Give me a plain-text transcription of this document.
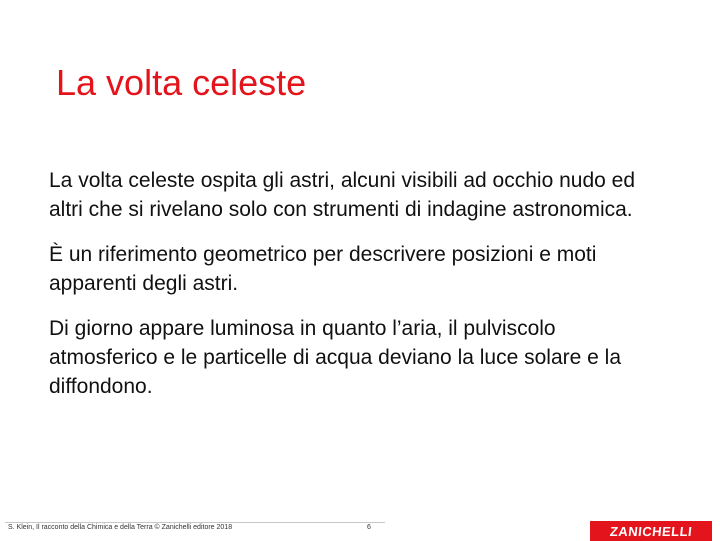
La volta celeste

La volta celeste ospita gli astri, alcuni visibili ad occhio nudo ed altri che si rivelano solo con strumenti di indagine astronomica.

È un riferimento geometrico per descrivere posizioni e moti apparenti degli astri.

Di giorno appare luminosa in quanto l’aria, il pulviscolo atmosferico e le particelle di acqua deviano la luce solare e la diffondono.

S. Klein, Il racconto della Chimica e della Terra © Zanichelli editore 2018	6	ZANICHELLI
